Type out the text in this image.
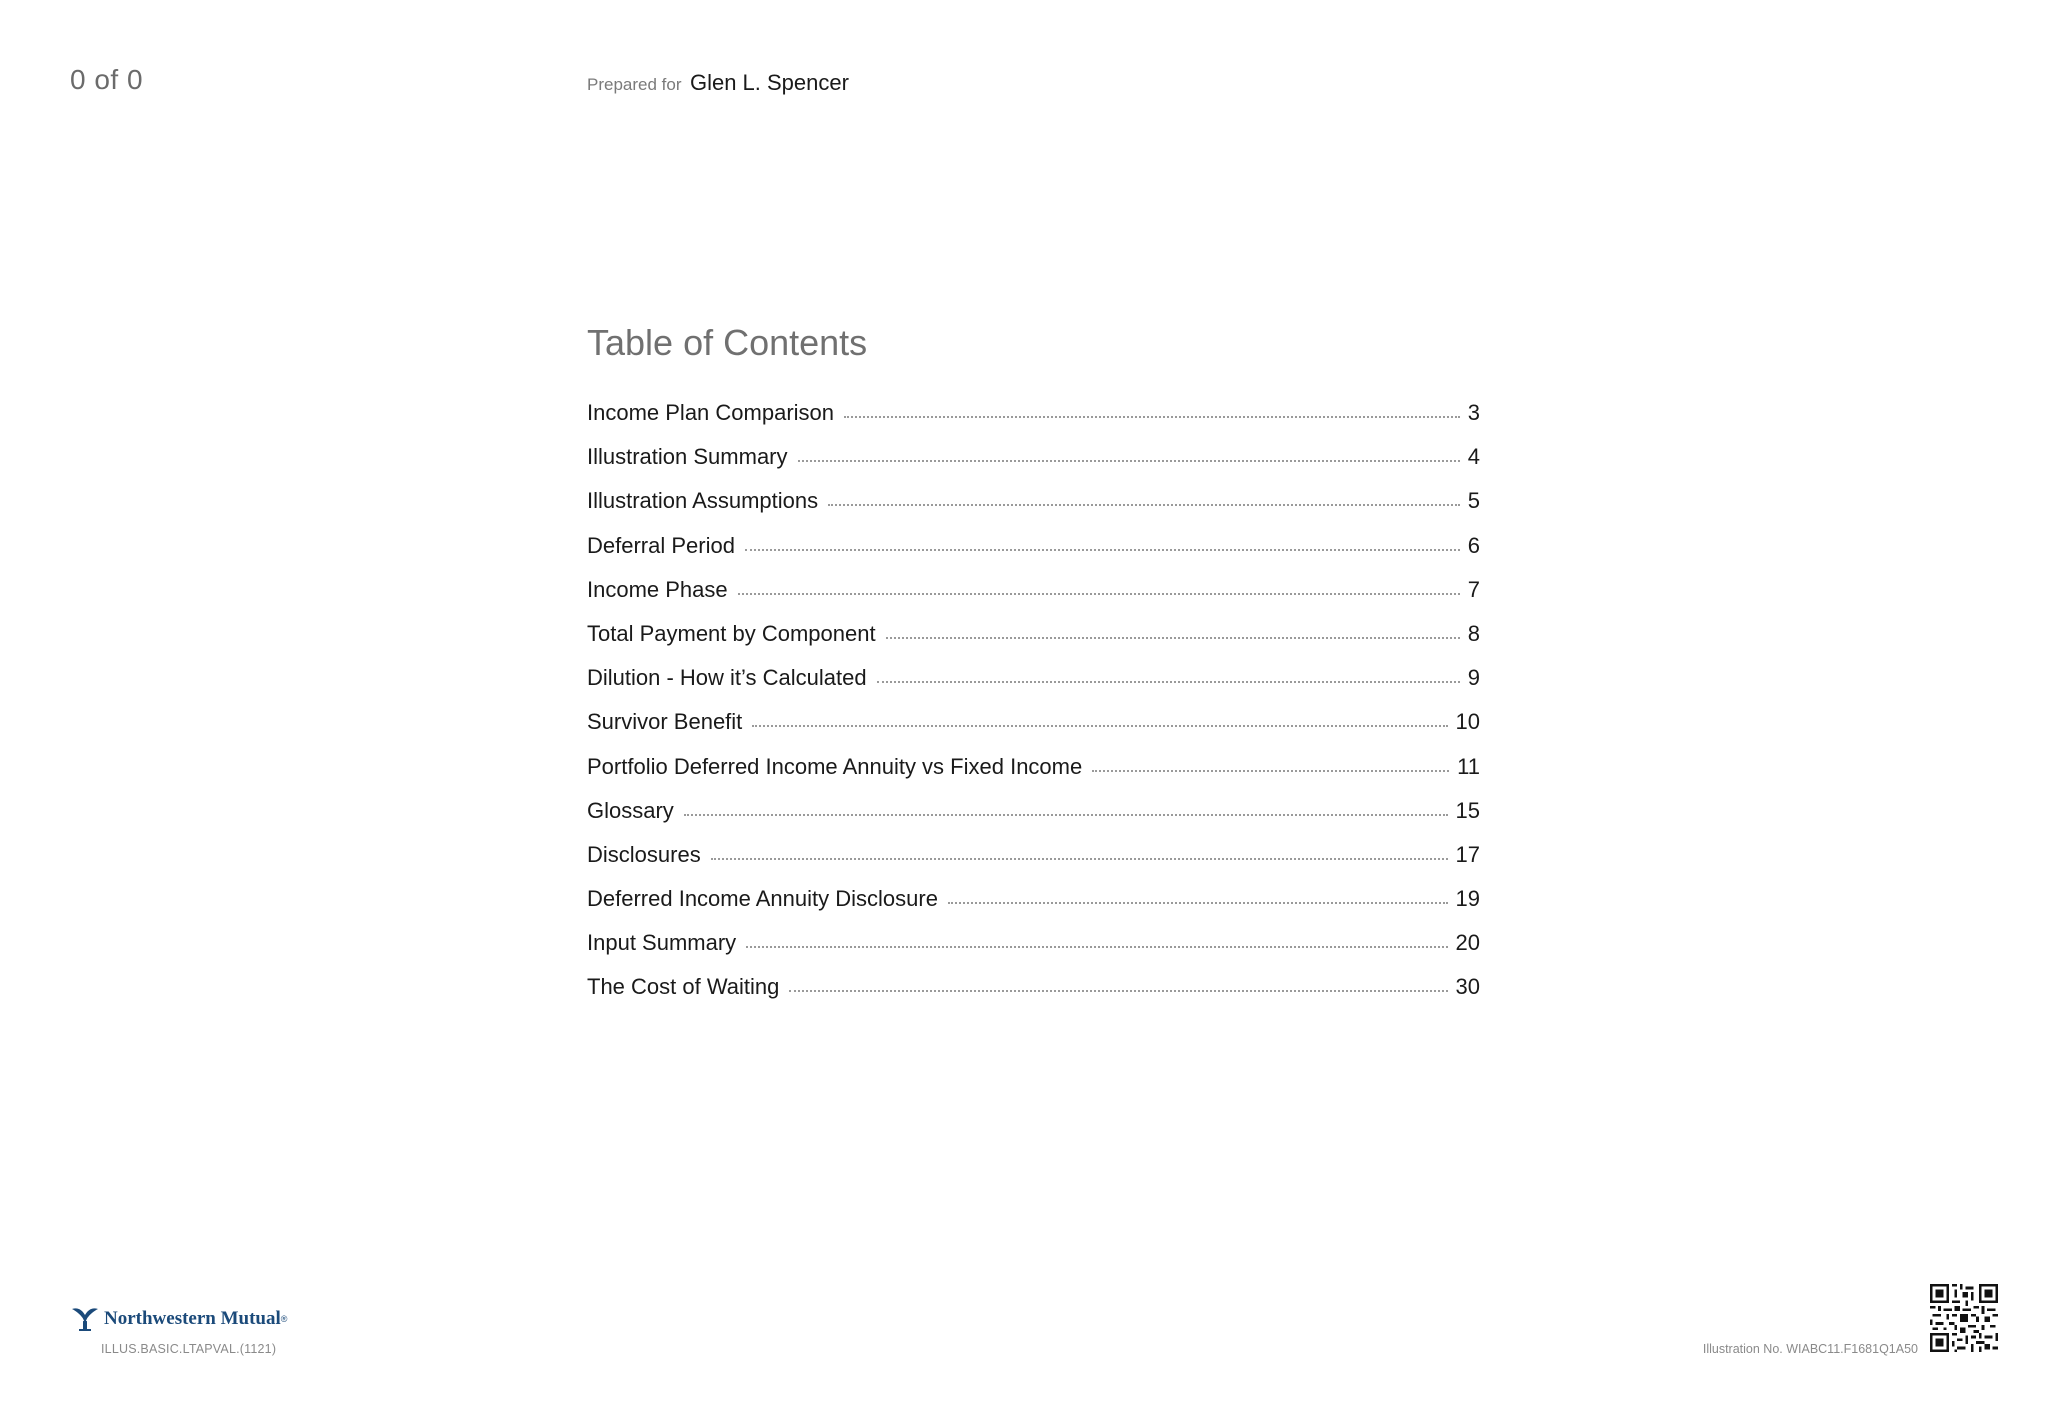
0 of 0	Prepared for Glen L. Spencer
Table of Contents
Income Plan Comparison	3
Illustration Summary	4
Illustration Assumptions	5
Deferral Period	6
Income Phase	7
Total Payment by Component	8
Dilution - How it’s Calculated	9
Survivor Benefit	10
Portfolio Deferred Income Annuity vs Fixed Income	11
Glossary	15
Disclosures	17
Deferred Income Annuity Disclosure	19
Input Summary	20
The Cost of Waiting	30
Northwestern Mutual ®
ILLUS.BASIC.LTAPVAL.(1121)	Illustration No. WIABC11.F1681Q1A50
